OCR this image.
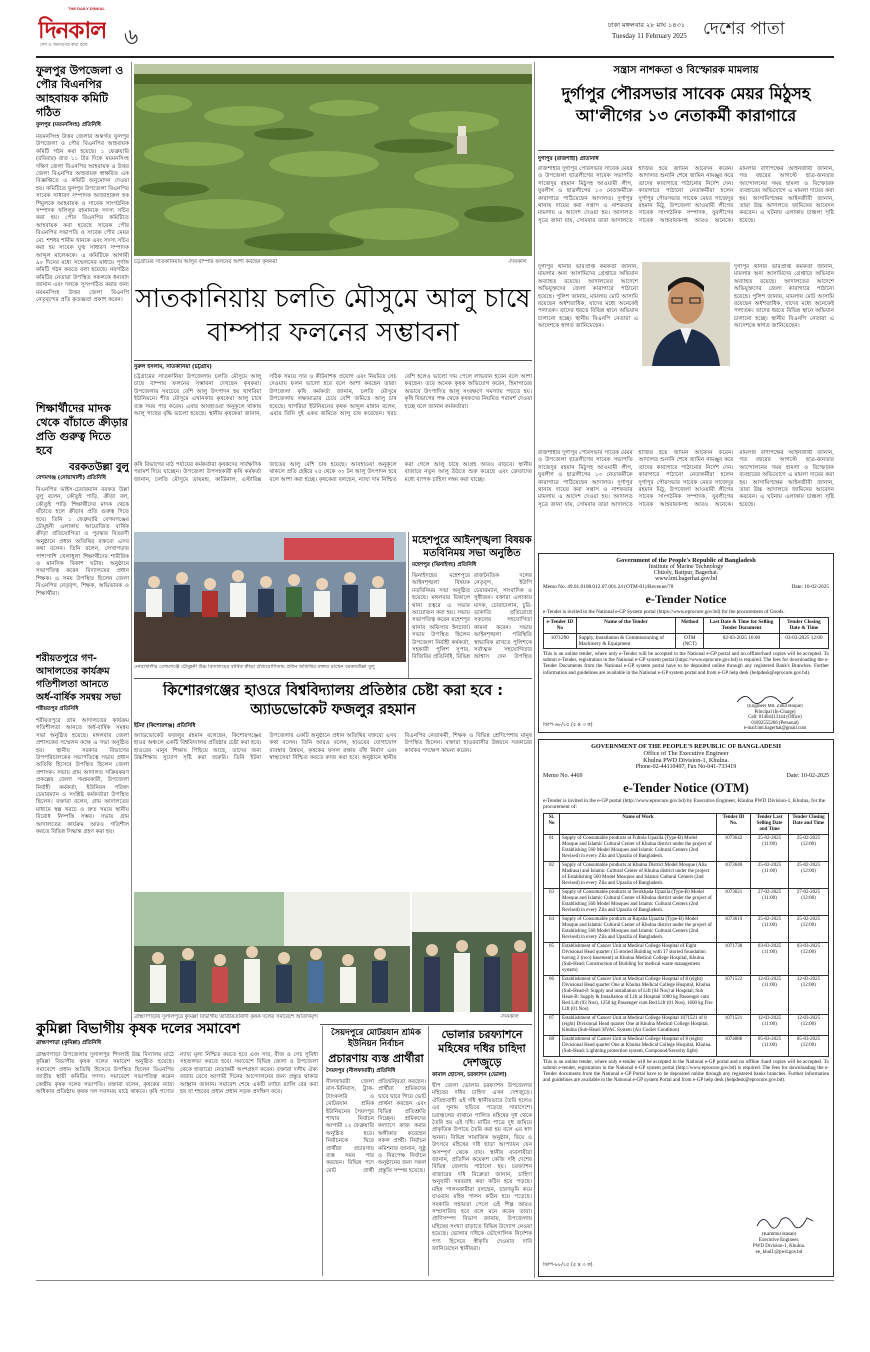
THE DAILY DINKAL
দিনকাল
দেশ ও জনগণের কথা বলে ৬	ঢাকা মঙ্গলবার ২৮ মাঘ ১৪৩১
Tuesday 11 February 2025 দেশের পাতা
ফুলপুর উপজেলা ও পৌর বিএনপির আহবায়ক কমিটি গঠিত
ফুলপুর (ময়মনসিংহ) প্রতিনিধি
ময়মনসিংহ উত্তর জেলার অন্তর্গত ফুলপুর উপজেলা ও পৌর বিএনপির আহবায়ক কমিটি গঠন করা হয়েছে। ১ ফেব্রুয়ারি (রবিবার) রাত ১১ টার দিকে ময়মনসিংহ দক্ষিণ জেলা বিএনপির আহবায়ক ও উত্তর জেলা বিএনপির আহবায়ক স্বাক্ষরিত এক বিজ্ঞপ্তিতে এ কমিটি অনুমোদন দেওয়া হয়। কমিটিতে ফুলপুর উপজেলা বিএনপির সাবেক সাধারণ সম্পাদক আজাহারুল হক শিমুলকে আহবায়ক ও সাবেক সাংগঠনিক সম্পাদক খলিলুর রহমানকে সদস্য সচিব করা হয়। পৌর বিএনপির কমিটিতে আহবায়ক করা হয়েছে সাবেক পৌর বিএনপির সভাপতি ও সাবেক পৌর মেয়র মো. শশধর শামীম খানকে এবং সদস্য সচিব করা হয় সাবেক যুগ্ম সাধারণ সম্পাদক আব্দুল মালেককে। এ কমিটিকে আগামী ৯০ দিনের মধ্যে সম্মেলনের মাধ্যমে পূর্ণাঙ্গ কমিটি গঠন করতে বলা হয়েছে। নবগঠিত কমিটির নেতারা উপস্থিত সকলকে ধন্যবাদ জানান এবং দলকে সুসংগঠিত করার জন্য ময়মনসিংহ উত্তর জেলা বিএনপি নেতৃবৃন্দের প্রতি কৃতজ্ঞতা প্রকাশ করেন।
শিক্ষার্থীদের মাদক থেকে বাঁচাতে ক্রীড়ার প্রতি গুরুত্ব দিতে হবে
বরকতউল্লা বুলু
বেগমগঞ্জ (নোয়াখালী) প্রতিনিধি
বিএনপির ভাইস-চেয়ারম্যান বরকত উল্লা বুলু বলেন, কৌতুই পাড়ি, ক্রীড়া বল, কৌতুই পাড়ি শিক্ষার্থীদের মাদক থেকে বাঁচাতে হলে ক্রীড়ার প্রতি গুরুত্ব দিতে হবে। তিনি ১ ফেব্রুয়ারি বেগমগঞ্জের চৌমুহনী এলাকায় আয়োজিত বার্ষিক ক্রীড়া প্রতিযোগিতা ও পুরস্কার বিতরণী অনুষ্ঠানে প্রধান অতিথির বক্তব্যে এসব কথা বলেন। তিনি বলেন, লেখাপড়ার পাশাপাশি খেলাধুলা শিক্ষার্থীদের শারীরিক ও মানসিক বিকাশ ঘটায়। অনুষ্ঠানে সভাপতিত্ব করেন বিদ্যালয়ের প্রধান শিক্ষক। এ সময় উপস্থিত ছিলেন জেলা বিএনপির নেতৃবৃন্দ, শিক্ষক, অভিভাবক ও শিক্ষার্থীরা।
শরীয়তপুরে গণ-আদালতের কার্যক্রম গতিশীলতা আনতে অর্ধ-বার্ষিক সমন্বয় সভা
শরীয়তপুর প্রতিনিধি
শরীয়তপুরে গ্রাম আদালতের কার্যক্রম গতিশীলতা আনতে অর্ধ-বার্ষিক সমন্বয় সভা অনুষ্ঠিত হয়েছে। মঙ্গলবার জেলা প্রশাসকের সম্মেলন কক্ষে এ সভা অনুষ্ঠিত হয়। স্থানীয় সরকার বিভাগের উপপরিচালকের সভাপতিত্বে সভায় প্রধান অতিথি হিসেবে উপস্থিত ছিলেন জেলা প্রশাসক। সভায় গ্রাম আদালত সক্রিয়করণ প্রকল্পের জেলা সমন্বয়কারী, উপজেলা নির্বাহী কর্মকর্তা, ইউনিয়ন পরিষদ চেয়ারম্যান ও সংশ্লিষ্ট কর্মকর্তারা উপস্থিত ছিলেন। বক্তারা বলেন, গ্রাম আদালতের মাধ্যমে স্বল্প খরচে ও দ্রুত সময়ে স্থানীয় বিরোধ নিষ্পত্তি সম্ভব। সভায় গ্রাম আদালতের কার্যক্রম আরও গতিশীল করতে বিভিন্ন সিদ্ধান্ত গ্রহণ করা হয়।
কুমিল্লা বিভাগীয় কৃষক দলের সমাবেশ
ব্রাহ্মণপাড়া (কুমিল্লা) প্রতিনিধি
ব্রাহ্মণপাড়া উপজেলার দুলালপুর শিদলাই উচ্চ বিদ্যালয় মাঠে কুমিল্লা বিভাগীয় কৃষক দলের সমাবেশ অনুষ্ঠিত হয়েছে। সমাবেশে প্রধান অতিথি হিসেবে উপস্থিত ছিলেন বিএনপির জাতীয় স্থায়ী কমিটির সদস্য। সমাবেশে সভাপতিত্ব করেন কেন্দ্রীয় কৃষক দলের সভাপতি। বক্তারা বলেন, কৃষকের ন্যায্য অধিকার প্রতিষ্ঠায় কৃষক দল সবসময় মাঠে থাকবে। কৃষি পণ্যের ন্যায্য মূল্য নিশ্চিত করতে হবে এবং সার, বীজ ও সেচ সুবিধা সহজলভ্য করতে হবে। সমাবেশে বিভিন্ন জেলা ও উপজেলা থেকে হাজারো নেতাকর্মী অংশগ্রহণ করেন। বক্তারা দলীয় ঐক্য বজায় রেখে আগামী দিনের আন্দোলনের জন্য প্রস্তুত থাকার আহ্বান জানান। সমাবেশ শেষে একটি বর্ণাঢ্য র‍্যালি বের করা হয় যা শহরের প্রধান প্রধান সড়ক প্রদক্ষিণ করে।
চট্টগ্রামের সাতকানিয়ায় আলুর বাম্পার ফলনের আশা করছেন কৃষকরা	-দিনকাল
সাতকানিয়ায় চলতি মৌসুমে আলু চাষে বাম্পার ফলনের সম্ভাবনা
নুরুল ইসলাম, সাতকানিয়া (চট্টগ্রাম)
চট্টগ্রামের সাতকানিয়া উপজেলায় চলতি মৌসুমে আলু চাষে বাম্পার ফলনের সম্ভাবনা দেখছেন কৃষকরা। উপজেলার সবচেয়ে বেশি আলু উৎপাদন হয় খাগরিয়া ইউনিয়নে। শীত মৌসুমে এখানকার কৃষকেরা আলু চাষে ব্যস্ত সময় পার করেন। এবার আবহাওয়া অনুকূলে থাকায় আলু গাছের বৃদ্ধি ভালো হয়েছে। স্থানীয় কৃষকেরা জানান, সঠিক সময়ে সার ও কীটনাশক প্রয়োগ এবং নিয়মিত সেচ দেওয়ায় ফলন ভালো হবে বলে আশা করছেন তারা। উপজেলা কৃষি কর্মকর্তা জানান, চলতি মৌসুমে উপজেলায় লক্ষ্যমাত্রার চেয়ে বেশি জমিতে আলু চাষ হয়েছে। খাগরিয়া ইউনিয়নের কৃষক আব্দুল মান্নান বলেন, এবার তিনি দুই একর জমিতে আলু চাষ করেছেন। খরচ বেশি হলেও ভালো দাম পেলে লাভবান হবেন বলে আশা করছেন। তবে অনেক কৃষক অভিযোগ করেন, হিমাগারের অভাবে উৎপাদিত আলু সংরক্ষণে সমস্যায় পড়তে হয়। কৃষি বিভাগের পক্ষ থেকে কৃষকদের নিয়মিত পরামর্শ দেওয়া হচ্ছে বলে জানান কর্মকর্তারা।
কৃষি বিভাগের মাঠ পর্যায়ের কর্মকর্তারা কৃষকদের সার্বক্ষণিক পরামর্শ দিয়ে যাচ্ছেন। উপজেলা উপসহকারী কৃষি কর্মকর্তা জানান, চলতি মৌসুমে ডায়মন্ড, কার্ডিনাল, এস্টারিক্স জাতের আলু বেশি চাষ হয়েছে। আবহাওয়া অনুকূলে থাকলে প্রতি হেক্টরে ২৫ থেকে ৩০ টন আলু উৎপাদন হবে বলে আশা করা হচ্ছে। কৃষকেরা বলছেন, ন্যায্য দাম নিশ্চিত করা গেলে আলু চাষে আগ্রহ আরও বাড়বে। স্থানীয় বাজারে নতুন আলু উঠতে শুরু করেছে এবং ক্রেতাদের মধ্যে ব্যাপক চাহিদা লক্ষ্য করা যাচ্ছে।
নোয়াখালীর বেগমগঞ্জে চৌমুহনী উচ্চ বিদ্যালয়ের বার্ষিক ক্রীড়া প্রতিযোগিতায় প্রধান অতিথির বক্তব্য রাখেন বরকতউল্লা বুলু
কিশোরগঞ্জের হাওরে বিশ্ববিদ্যালয় প্রতিষ্ঠার চেষ্টা করা হবে : অ্যাডভোকেট ফজলুর রহমান
ইটনা (কিশোরগঞ্জ) প্রতিনিধি
অ্যাডভোকেট ফজলুর রহমান বলেছেন, কিশোরগঞ্জের হাওর অঞ্চলে একটি বিশ্ববিদ্যালয় প্রতিষ্ঠার চেষ্টা করা হবে। হাওরের মানুষ শিক্ষায় পিছিয়ে আছে, তাদের জন্য উচ্চশিক্ষার সুযোগ সৃষ্টি করা জরুরি। তিনি ইটনা উপজেলার একটি অনুষ্ঠানে প্রধান অতিথির বক্তব্যে এসব কথা বলেন। তিনি আরও বলেন, হাওরের যোগাযোগ ব্যবস্থার উন্নয়ন, কৃষকের ফসল রক্ষায় বাঁধ নির্মাণ এবং স্বাস্থ্যসেবা নিশ্চিত করতে কাজ করা হবে। অনুষ্ঠানে স্থানীয় বিএনপির নেতাকর্মী, শিক্ষক ও বিভিন্ন শ্রেণিপেশার মানুষ উপস্থিত ছিলেন। বক্তারা হাওরবাসীর উন্নয়নে সরকারের কার্যকর পদক্ষেপ কামনা করেন।
মহেশপুরে আইনশৃঙ্খলা বিষয়ক মতবিনিময় সভা অনুষ্ঠিত
মহেশপুর (ঝিনাইদহ) প্রতিনিধি
ঝিনাইদহের মহেশপুরে আইনশৃঙ্খলা বিষয়ক মতবিনিময় সভা অনুষ্ঠিত হয়েছে। মঙ্গলবার বিকালে থানা চত্বরে এ সভার আয়োজন করা হয়। সভায় সভাপতিত্ব করেন মহেশপুর থানার অফিসার ইনচার্জ। সভায় উপস্থিত ছিলেন উপজেলা নির্বাহী কর্মকর্তা, সহকারী পুলিশ সুপার, বিজিবির প্রতিনিধি, বিভিন্ন রাজনৈতিক দলের নেতৃবৃন্দ, ইউপি চেয়ারম্যান, সাংবাদিক ও সুধীজন। বক্তারা এলাকায় মাদক, চোরাচালান, চুরি-ডাকাতি প্রতিরোধে সকলের সহযোগিতা কামনা করেন। সভায় আইনশৃঙ্খলা পরিস্থিতি স্বাভাবিক রাখতে পুলিশকে সর্বাত্মক সহযোগিতার আশ্বাস দেন উপস্থিত
ব্রাহ্মণপাড়ায় দুলালপুরে কুমিল্লা বিভাগীয় জাতীয়তাবাদী কৃষক দলের সমাবেশে অতিথিবৃন্দ	-দিনকাল
সৈয়দপুরে মোটরযান শ্রমিক ইউনিয়ন নির্বাচন
প্রচারণায় ব্যস্ত প্রার্থীরা
সৈয়দপুর (নীলফামারী) প্রতিনিধি
নীলফামারী জেলা বাস-মিনিবাস, ট্রাক-ট্যাংকলরি ও মোটরযান শ্রমিক ইউনিয়নের সৈয়দপুর শাখার নির্বাচন আগামী ১২ ফেব্রুয়ারি অনুষ্ঠিত হবে। নির্বাচনকে ঘিরে প্রার্থীরা প্রচারণায় ব্যস্ত সময় পার করছেন। বিভিন্ন পদে মোট প্রার্থী প্রতিদ্বন্দ্বিতা করছেন। প্রার্থীরা শ্রমিকদের দ্বারে দ্বারে গিয়ে ভোট প্রার্থনা করছেন এবং বিভিন্ন প্রতিশ্রুতি দিচ্ছেন। শ্রমিকদের কল্যাণে কাজ করার অঙ্গীকার করেছেন সকল প্রার্থী। নির্বাচন কমিশনার জানান, সুষ্ঠু ও নিরপেক্ষ নির্বাচন অনুষ্ঠানের জন্য সকল প্রস্তুতি সম্পন্ন হয়েছে।
ভোলার চরফ্যাশনে মহিষের দধির চাহিদা দেশজুড়ে
কামাল হোসেন, চরফ্যাশন (ভোলা)
দ্বীপ জেলা ভোলার চরফ্যাশন উপজেলার মহিষের দধির চাহিদা এখন দেশজুড়ে। ঐতিহ্যবাহী এই দধি স্থানীয়ভাবে তৈরি হলেও এর সুনাম ছড়িয়ে পড়েছে সারাদেশে। চরাঞ্চলের বাথানে পালিত মহিষের দুধ থেকে তৈরি হয় এই দধি। মাটির পাত্রে দুধ জমিয়ে প্রাকৃতিক উপায়ে তৈরি করা হয় বলে এর স্বাদ অনন্য। বিভিন্ন সামাজিক অনুষ্ঠান, বিয়ে ও উৎসবে মহিষের দধি ছাড়া আপ্যায়ন যেন অসম্পূর্ণ থেকে যায়। স্থানীয় ব্যবসায়ীরা জানান, প্রতিদিন কয়েকশ কেজি দধি দেশের বিভিন্ন জেলায় পাঠানো হয়। চরফ্যাশন বাজারের দধি বিক্রেতা জানান, চাহিদা অনুযায়ী সরবরাহ করা কঠিন হয়ে পড়ছে। মহিষ পালনকারীরা বলছেন, চারণভূমি কমে যাওয়ায় মহিষ পালন কঠিন হয়ে পড়েছে। সরকারি সহায়তা পেলে এই শিল্প আরও সম্প্রসারিত হবে বলে মনে করেন তারা। প্রাণিসম্পদ বিভাগ জানায়, উপজেলায় মহিষের সংখ্যা বাড়াতে বিভিন্ন উদ্যোগ নেওয়া হয়েছে। ভোলার দধিকে ভৌগোলিক নির্দেশক পণ্য হিসেবে স্বীকৃতি দেওয়ার দাবি জানিয়েছেন স্থানীয়রা।
সন্ত্রাস নাশকতা ও বিস্ফোরক মামলায়
দুর্গাপুর পৌরসভার সাবেক মেয়র মিঠুসহ আ'লীগের ১৩ নেতাকর্মী কারাগারে
দুর্গাপুর (রাজশাহী) প্রতিনিধি
রাজশাহীর দুর্গাপুর পৌরসভার সাবেক মেয়র ও উপজেলা ছাত্রলীগের সাবেক সভাপতি সাজেদুর রহমান মিঠুসহ আওয়ামী লীগ, যুবলীগ ও ছাত্রলীগের ১৩ নেতাকর্মীকে কারাগারে পাঠিয়েছেন আদালত। দুর্গাপুর থানায় দায়ের করা সন্ত্রাস ও নাশকতার মামলায় এ আদেশ দেওয়া হয়। আদালত সূত্রে জানা যায়, সোমবার তারা আদালতে হাজির হয়ে জামিন আবেদন করেন। আদালত শুনানি শেষে জামিন নামঞ্জুর করে তাদের কারাগারে পাঠানোর নির্দেশ দেন। কারাগারে পাঠানো নেতাকর্মীরা হলেন দুর্গাপুর পৌরসভার সাবেক মেয়র সাজেদুর রহমান মিঠু, উপজেলা আওয়ামী লীগের সাবেক সাংগঠনিক সম্পাদক, যুবলীগের সাবেক আহবায়কসহ আরও অনেকে। মামলার বাদীপক্ষের আইনজীবী জানান, গত বছরের আগস্টে ছাত্র-জনতার আন্দোলনের সময় হামলা ও বিস্ফোরক ব্যবহারের অভিযোগে এ মামলা দায়ের করা হয়। আসামিপক্ষের আইনজীবী জানান, তারা উচ্চ আদালতে জামিনের আবেদন করবেন। এ ঘটনায় এলাকায় চাঞ্চল্য সৃষ্টি হয়েছে।
দুর্গাপুর থানার ভারপ্রাপ্ত কর্মকর্তা জানান, মামলার অন্য আসামিদের গ্রেপ্তারে অভিযান অব্যাহত রয়েছে। আদালতের আদেশে অভিযুক্তদের জেলা কারাগারে পাঠানো হয়েছে। পুলিশ জানায়, মামলায় মোট আসামি রয়েছেন অর্ধশতাধিক, যাদের মধ্যে অনেকেই পলাতক। তাদের ধরতে বিভিন্ন স্থানে অভিযান চালানো হচ্ছে। স্থানীয় বিএনপি নেতারা এ আদেশকে স্বাগত জানিয়েছেন।
দুর্গাপুর থানার ভারপ্রাপ্ত কর্মকর্তা জানান, মামলার অন্য আসামিদের গ্রেপ্তারে অভিযান অব্যাহত রয়েছে। আদালতের আদেশে অভিযুক্তদের জেলা কারাগারে পাঠানো হয়েছে। পুলিশ জানায়, মামলায় মোট আসামি রয়েছেন অর্ধশতাধিক, যাদের মধ্যে অনেকেই পলাতক। তাদের ধরতে বিভিন্ন স্থানে অভিযান চালানো হচ্ছে। স্থানীয় বিএনপি নেতারা এ আদেশকে স্বাগত জানিয়েছেন।
রাজশাহীর দুর্গাপুর পৌরসভার সাবেক মেয়র ও উপজেলা ছাত্রলীগের সাবেক সভাপতি সাজেদুর রহমান মিঠুসহ আওয়ামী লীগ, যুবলীগ ও ছাত্রলীগের ১৩ নেতাকর্মীকে কারাগারে পাঠিয়েছেন আদালত। দুর্গাপুর থানায় দায়ের করা সন্ত্রাস ও নাশকতার মামলায় এ আদেশ দেওয়া হয়। আদালত সূত্রে জানা যায়, সোমবার তারা আদালতে হাজির হয়ে জামিন আবেদন করেন। আদালত শুনানি শেষে জামিন নামঞ্জুর করে তাদের কারাগারে পাঠানোর নির্দেশ দেন। কারাগারে পাঠানো নেতাকর্মীরা হলেন দুর্গাপুর পৌরসভার সাবেক মেয়র সাজেদুর রহমান মিঠু, উপজেলা আওয়ামী লীগের সাবেক সাংগঠনিক সম্পাদক, যুবলীগের সাবেক আহবায়কসহ আরও অনেকে। মামলার বাদীপক্ষের আইনজীবী জানান, গত বছরের আগস্টে ছাত্র-জনতার আন্দোলনের সময় হামলা ও বিস্ফোরক ব্যবহারের অভিযোগে এ মামলা দায়ের করা হয়। আসামিপক্ষের আইনজীবী জানান, তারা উচ্চ আদালতে জামিনের আবেদন করবেন। এ ঘটনায় এলাকায় চাঞ্চল্য সৃষ্টি হয়েছে।
Government of the People's Republic of Bangladesh
Institute of Marine Technology
Chitoly, Baitpur, Bagerhat.
www.imt.bagerhat.gov.bd
Memo No. 49.01.0108.012.07.001.24 (OTM-01)/Revenue/78	Date: 10-02-2025
e-Tender Notice
e-Tender is invited in the National e-GP System portal (https://www.eprocure.gov.bd) for the procurement of Goods.
e-Tender ID No	Name of the Tender	Method	Last Date & Time for Selling Tender Document	Tender Closing Date & Time
1071290	Supply, Installation & Commissioning of Machinery & Equipment	OTM (NCT)	02-03-2025 16:00	03-03-2025 12:00
This is an online tender, where only e-Tender will be accepted in the National e-GP portal and no offline/hard copies will be accepted. To submit e-Tender, registration in the National e-GP system portal (https://www.eprocure.gov.bd) is required. The fees for downloading the e-Tender Documents from the National e-GP system portal have to be deposited online through any registered Bank's Branches. Further information and guidelines are available in the National e-GP system portal and from e-GP help desk (helpdesk@eprocure.gov.bd).
(Engineer Md. Zinul Hoque)
Principal (In-Charge)
Cell: 01404413144 (Office)
01892555266 (Personal)
e-mail:imt.bagerhat@gmail.com
ডিপি-৬৮/২৫ (৫ x ৩ ক)
GOVERNMENT OF THE PEOPLE'S REPUBLIC OF BANGLADESH
Office of The Executive Engineer
Khulna PWD Division-1, Khulna.
Phone-02-44110497, Fax No-041-733419
Memo No. 4469	Date: 10-02-2025
e-Tender Notice (OTM)
e-Tender is invited in the e-GP portal (http://www.eprocure.gov.bd) by Executive Engineer, Khulna PWD Division-1, Khulna, for the procurement of:
Sl. No	Name of Work	Tender ID No.	Tender Last Selling Date and Time	Tender Closing Date and Time
01	Supply of Consumable products at Fultola Upazila (Type-B) Model Mosque and Islamic Cultural Center of Khulna district under the project of Establishing 560 Model Mosques and Islamic Cultural Centers (2nd Revised) in every Zila and Upazila of Bangladesh.	1073642	25-02-2025 (11:00)	25-02-2025 (12:00)
02	Supply of Consumable products at Khulna District Model Mosque (Alia Madrasa) and Islamic Cultural Center of Khulna district under the project of Establishing 560 Model Mosques and Islamic Cultural Centers (2nd Revised) in every Zila and Upazila of Bangladesh.	1073640	25-02-2025 (11:00)	25-02-2025 (12:00)
03	Supply of Consumable products at Terokhada Upazila (Type-B) Model Mosque and Islamic Cultural Center of Khulna district under the project of Establishing 560 Model Mosques and Islamic Cultural Centers (2nd Revised) in every Zila and Upazila of Bangladesh.	1073621	27-02-2025 (11:00)	27-02-2025 (12:00)
04	Supply of Consumable products at Rupsha Upazila (Type-B) Model Mosque and Islamic Cultural Center of Khulna district under the project of Establishing 560 Model Mosques and Islamic Cultural Centers (2nd Revised) in every Zila and Upazila of Bangladesh.	1073619	25-02-2025 (11:00)	25-02-2025 (12:00)
05	Establishment of Cancer Unit at Medical College Hospital of Eight Divisional Head quarter (15 storied Building with 17 storied foundation having 2 (two) basement) at Khulna Medical College Hospital, Khulna (Sub-Head: Construction of Building for medical waste management system)	1071738	03-03-2025 (11:00)	03-03-2025 (12:00)
06	Establishment of Cancer Unit at Medical College Hospital of 8 (eight) Divisional Head quarter One at Khulna Medical College Hospital, Khulna (Sub-Head-8: Supply and installation of Lift (04 Nos) at Hospital; Sub Head-B: Supply & Installation of Lift at Hospital 1000 kg Passenger cum Bed Lift (03 Nos), 1250 kg Passenger cum Bed Lift (01 Nos), 1600 kg Fire Lift (01 Nos)	1071522	12-03-2025 (11:00)	12-03-2025 (12:00)
07	Establishment of Cancer Unit at Medical College Hospital 1071521 of 8 (eight) Divisional Head quarter One at Khulna Medical College Hospital, Khulna (Sub-Head: HVAC System (Air Cooler Condition)	1071521	12-03-2025 (11:00)	12-03-2025 (12:00)
08	Establishment of Cancer Unit at Medical College Hospital of 8 (eight) Divisional Head quarter One at Khulna Medical College Hospital, Khulna. (Sub-Head: Lightning protection system, Compound/Security light)	1074086	05-03-2025 (11:00)	05-03-2025 (12:00)
This is an online tender, where only e-tender will be accepted in the National e-GP portal and no offline /hard copies will be accepted. To submit e-tender, registration in the National e-GP system portal (http://www.eprocure.gov.bd) is required. The fees for downloading the e-Tender documents from the National e-GP Portal have to be deposited online through any registered banks branches. Further information and guidelines are available in the National e-GP system Portal and from e-GP help desk (helpdesk@eprocure.gov.bd).
(Kammul Hasan)
Executive Engineer,
PWD Division-1, Khulna.
ee_khulI @pwd.gov.bd
ডিপি-৮৮/২৫ (৫ x ৩ ক)
